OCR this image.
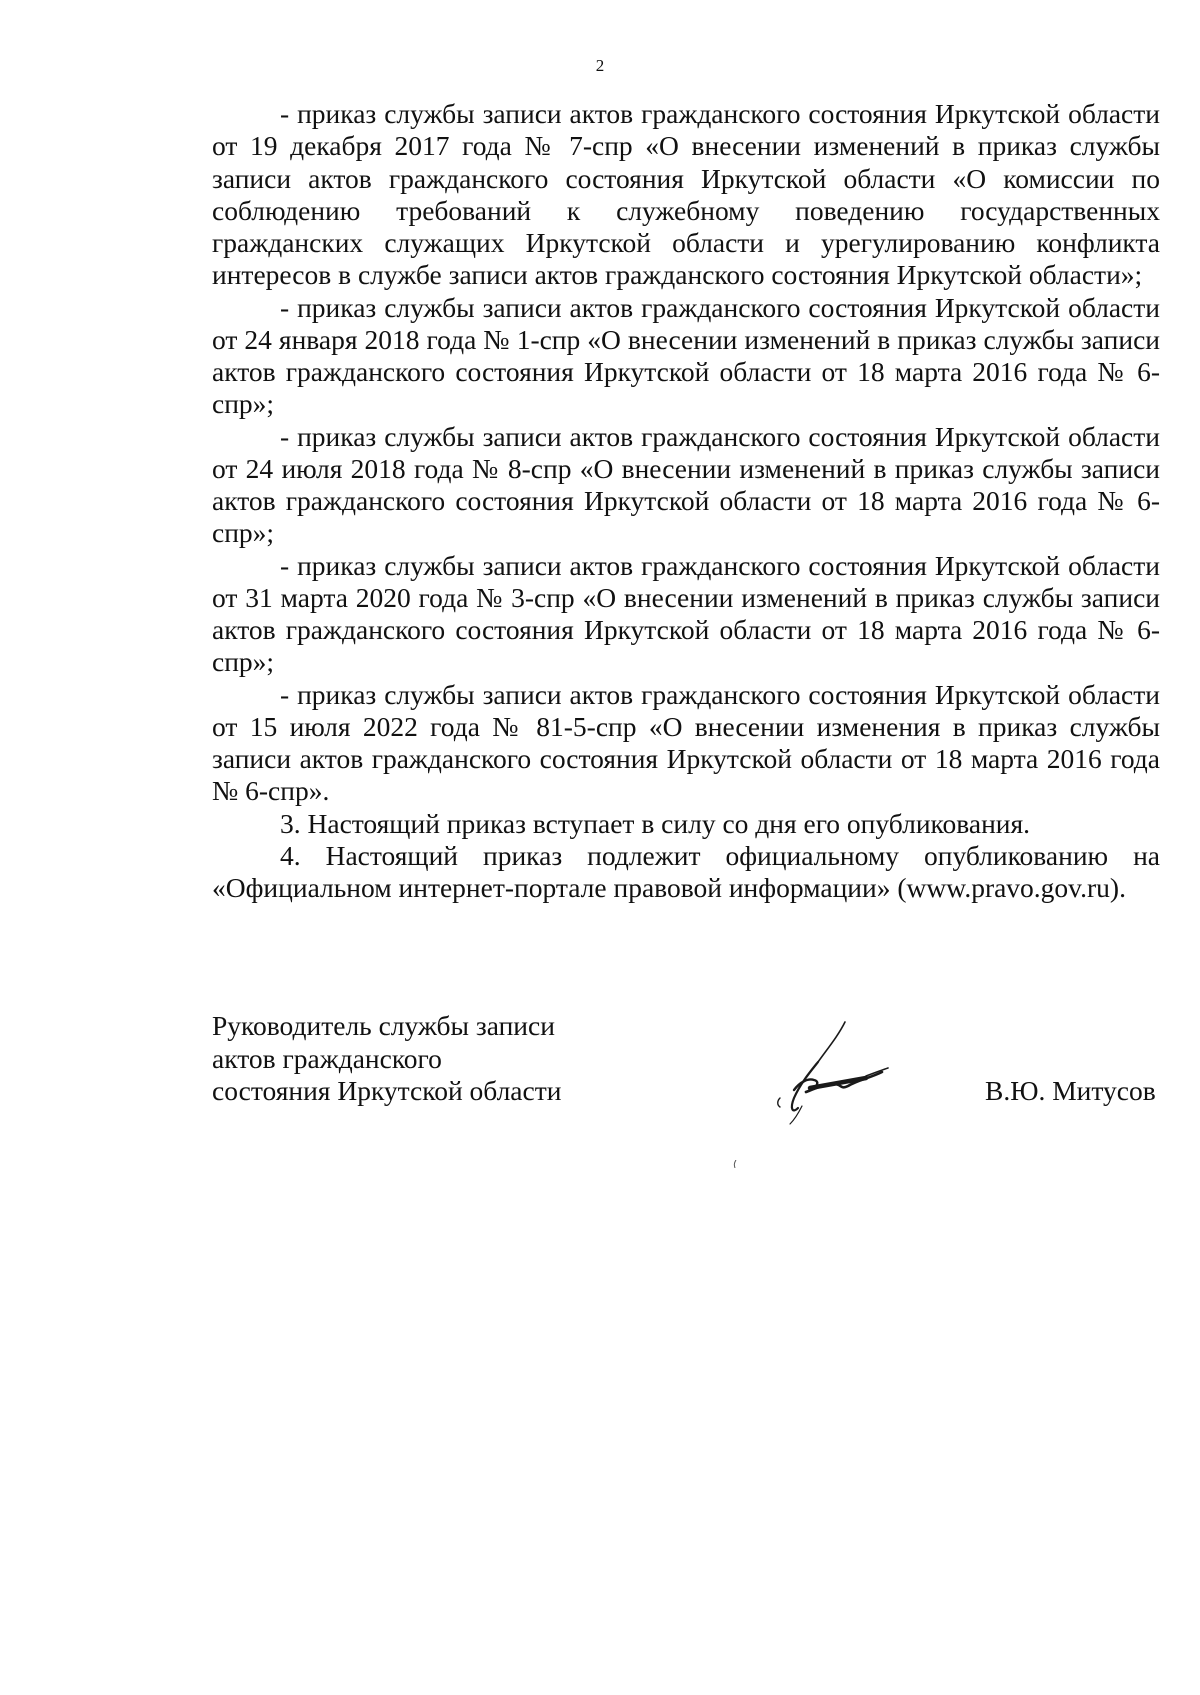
2

- приказ службы записи актов гражданского состояния Иркутской области от 19 декабря 2017 года № 7-спр «О внесении изменений в приказ службы записи актов гражданского состояния Иркутской области «О комиссии по соблюдению требований к служебному поведению государственных гражданских служащих Иркутской области и урегулированию конфликта интересов в службе записи актов гражданского состояния Иркутской области»;

- приказ службы записи актов гражданского состояния Иркутской области от 24 января 2018 года № 1-спр «О внесении изменений в приказ службы записи актов гражданского состояния Иркутской области от 18 марта 2016 года № 6-спр»;

- приказ службы записи актов гражданского состояния Иркутской области от 24 июля 2018 года № 8-спр «О внесении изменений в приказ службы записи актов гражданского состояния Иркутской области от 18 марта 2016 года № 6-спр»;

- приказ службы записи актов гражданского состояния Иркутской области от 31 марта 2020 года № 3-спр «О внесении изменений в приказ службы записи актов гражданского состояния Иркутской области от 18 марта 2016 года № 6-спр»;

- приказ службы записи актов гражданского состояния Иркутской области от 15 июля 2022 года № 81-5-спр «О внесении изменения в приказ службы записи актов гражданского состояния Иркутской области от 18 марта 2016 года № 6-спр».

3. Настоящий приказ вступает в силу со дня его опубликования.

4. Настоящий приказ подлежит официальному опубликованию на «Официальном интернет-портале правовой информации» (www.pravo.gov.ru).

Руководитель службы записи
актов гражданского
состояния Иркутской области	В.Ю. Митусов
